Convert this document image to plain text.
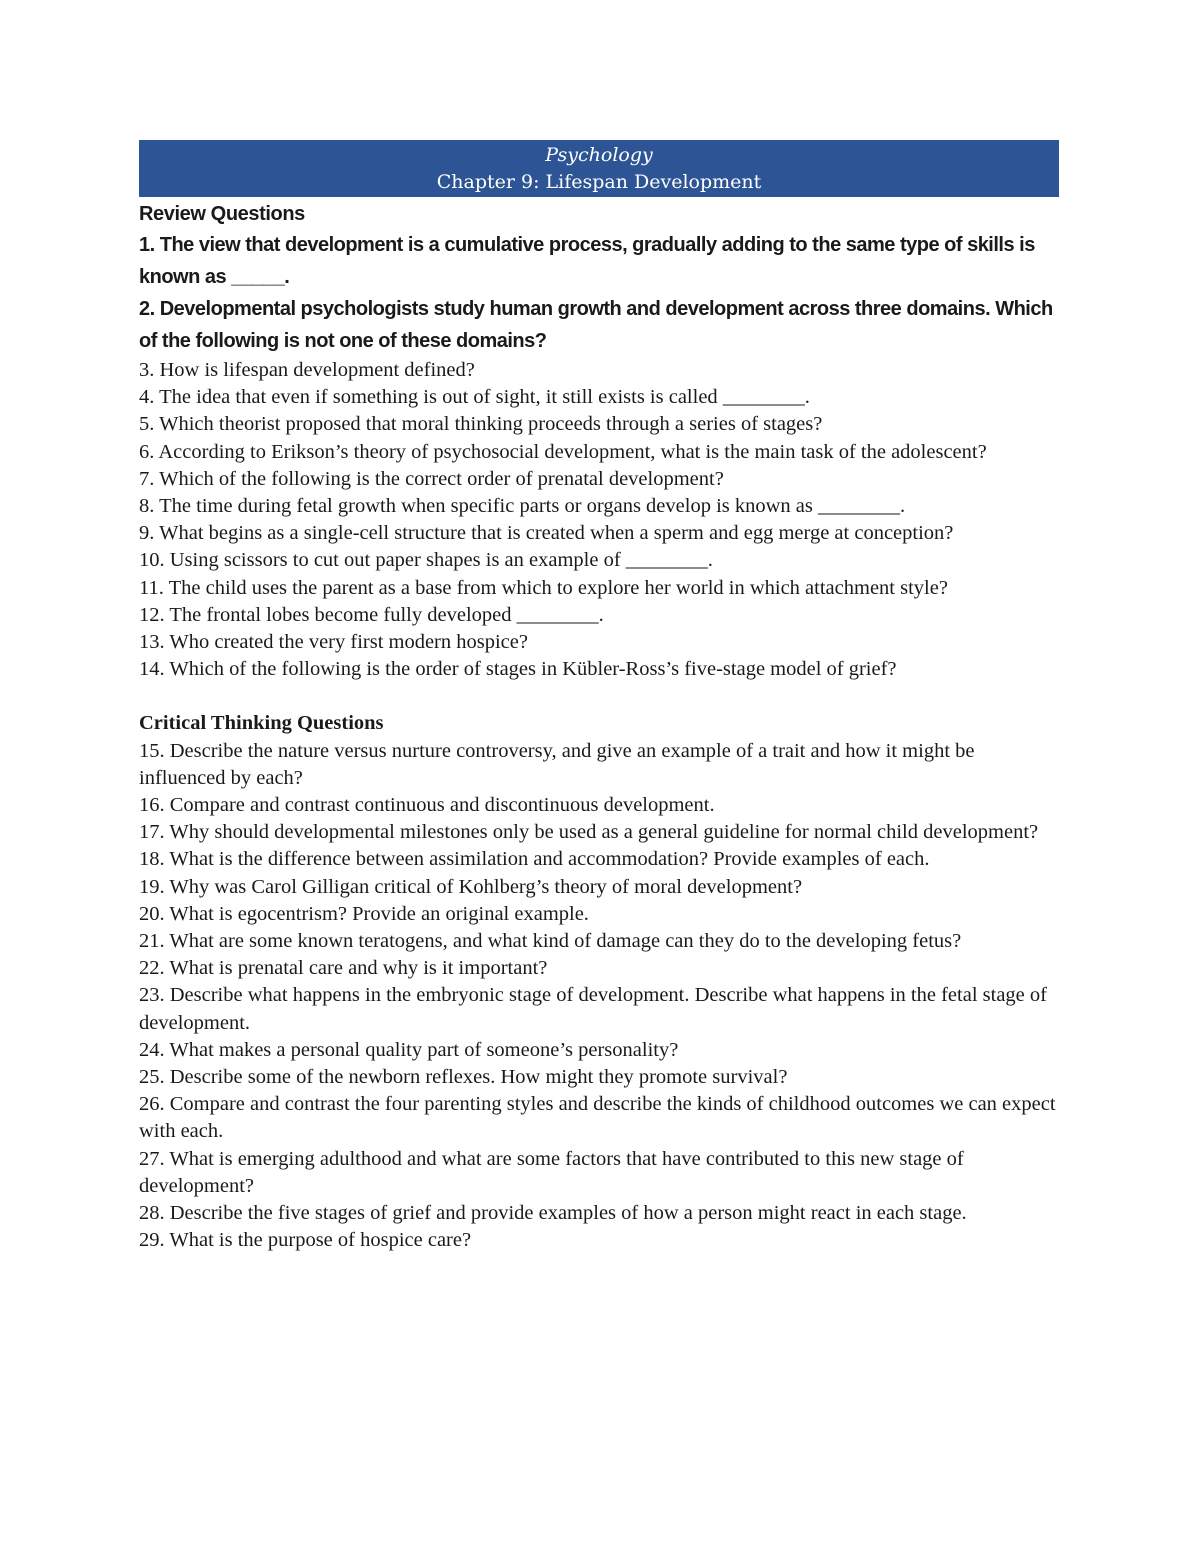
Psychology
Chapter 9: Lifespan Development
Review Questions

1. The view that development is a cumulative process, gradually adding to the same type of skills is known as _____.

2. Developmental psychologists study human growth and development across three domains. Which of the following is not one of these domains?

3. How is lifespan development defined?

4. The idea that even if something is out of sight, it still exists is called ________.

5. Which theorist proposed that moral thinking proceeds through a series of stages?

6. According to Erikson’s theory of psychosocial development, what is the main task of the adolescent?

7. Which of the following is the correct order of prenatal development?

8. The time during fetal growth when specific parts or organs develop is known as ________.

9. What begins as a single-cell structure that is created when a sperm and egg merge at conception?

10. Using scissors to cut out paper shapes is an example of ________.

11. The child uses the parent as a base from which to explore her world in which attachment style?

12. The frontal lobes become fully developed ________.

13. Who created the very first modern hospice?

14. Which of the following is the order of stages in Kübler-Ross’s five-stage model of grief?

Critical Thinking Questions

15. Describe the nature versus nurture controversy, and give an example of a trait and how it might be influenced by each?

16. Compare and contrast continuous and discontinuous development.

17. Why should developmental milestones only be used as a general guideline for normal child development?

18. What is the difference between assimilation and accommodation? Provide examples of each.

19. Why was Carol Gilligan critical of Kohlberg’s theory of moral development?

20. What is egocentrism? Provide an original example.

21. What are some known teratogens, and what kind of damage can they do to the developing fetus?

22. What is prenatal care and why is it important?

23. Describe what happens in the embryonic stage of development. Describe what happens in the fetal stage of development.

24. What makes a personal quality part of someone’s personality?

25. Describe some of the newborn reflexes. How might they promote survival?

26. Compare and contrast the four parenting styles and describe the kinds of childhood outcomes we can expect with each.

27. What is emerging adulthood and what are some factors that have contributed to this new stage of development?

28. Describe the five stages of grief and provide examples of how a person might react in each stage.

29. What is the purpose of hospice care?
